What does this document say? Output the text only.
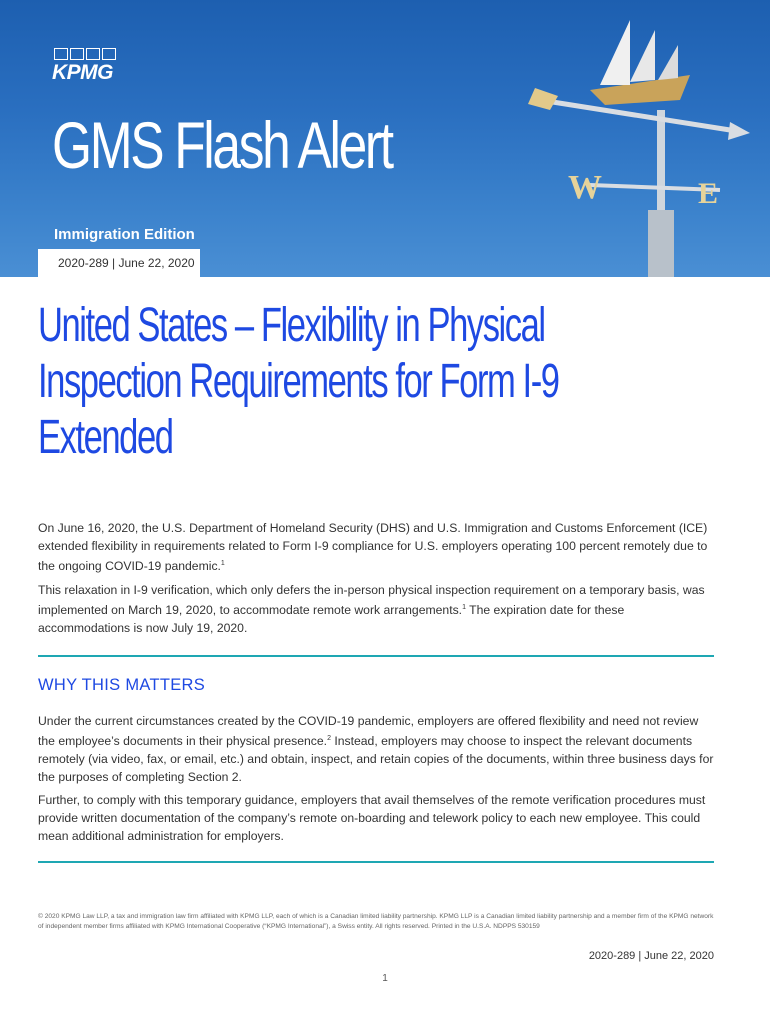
KPMG
GMS Flash Alert
Immigration Edition
W	E
2020-289 | June 22, 2020
United States – Flexibility in Physical Inspection Requirements for Form I-9 Extended
On June 16, 2020, the U.S. Department of Homeland Security (DHS) and U.S. Immigration and Customs Enforcement (ICE) extended flexibility in requirements related to Form I-9 compliance for U.S. employers operating 100 percent remotely due to the ongoing COVID-19 pandemic.$^1$
This relaxation in I-9 verification, which only defers the in-person physical inspection requirement on a temporary basis, was implemented on March 19, 2020, to accommodate remote work arrangements.$^1$ The expiration date for these accommodations is now July 19, 2020.
WHY THIS MATTERS
Under the current circumstances created by the COVID-19 pandemic, employers are offered flexibility and need not review the employee’s documents in their physical presence.$^2$ Instead, employers may choose to inspect the relevant documents remotely (via video, fax, or email, etc.) and obtain, inspect, and retain copies of the documents, within three business days for the purposes of completing Section 2.
Further, to comply with this temporary guidance, employers that avail themselves of the remote verification procedures must provide written documentation of the company’s remote on-boarding and telework policy to each new employee. This could mean additional administration for employers.
© 2020 KPMG Law LLP, a tax and immigration law firm affiliated with KPMG LLP, each of which is a Canadian limited liability partnership. KPMG LLP is a Canadian limited liability partnership and a member firm of the KPMG network of independent member firms affiliated with KPMG International Cooperative (“KPMG International”), a Swiss entity. All rights reserved. Printed in the U.S.A. NDPPS 530159
2020-289 | June 22, 2020
1
